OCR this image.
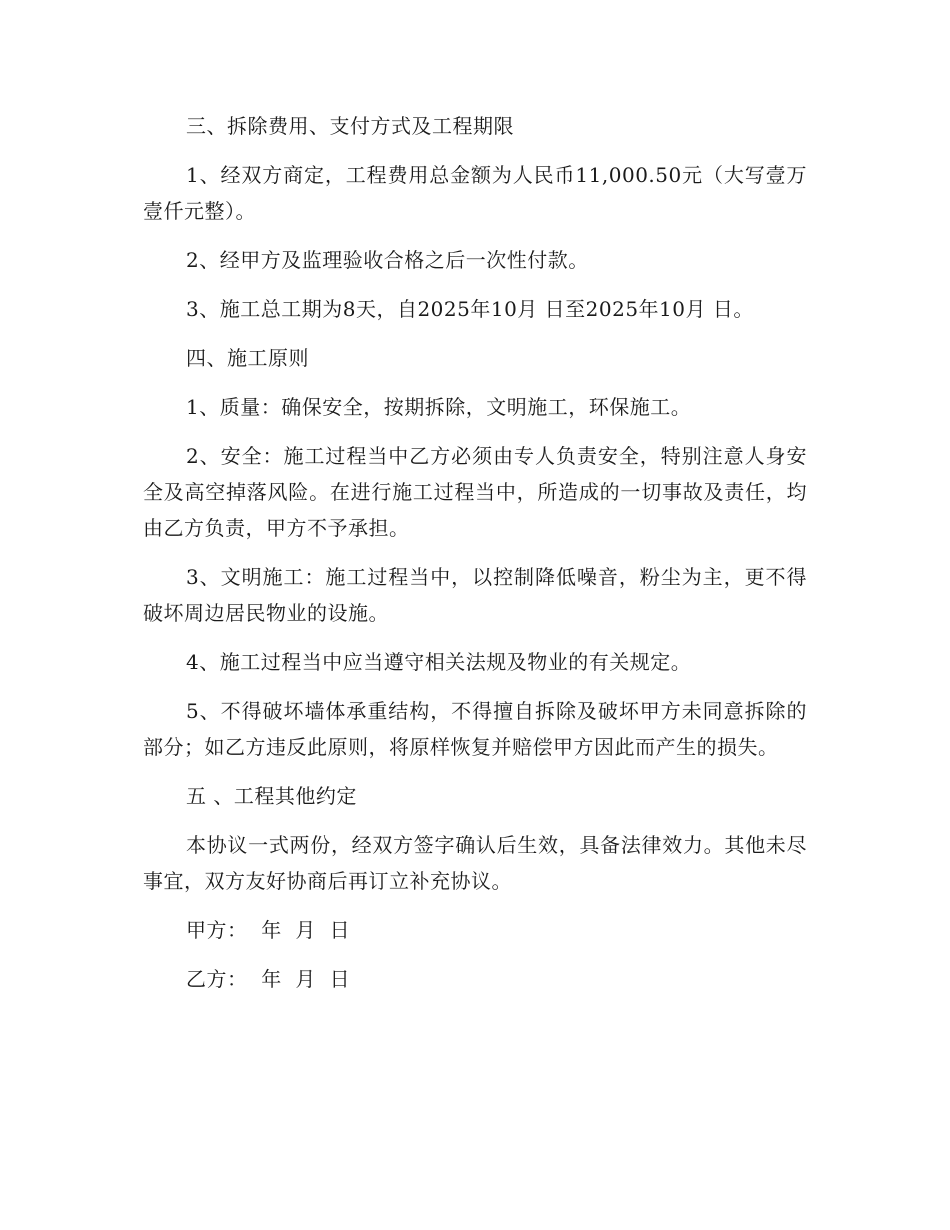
三、拆除费用、支付方式及工程期限

1、经双方商定，工程费用总金额为人民币11,000.50元（大写壹万壹仟元整）。

2、经甲方及监理验收合格之后一次性付款。

3、施工总工期为8天，自2025年10月 日至2025年10月 日。

四、施工原则

1、质量：确保安全，按期拆除，文明施工，环保施工。

2、安全：施工过程当中乙方必须由专人负责安全，特别注意人身安全及高空掉落风险。在进行施工过程当中，所造成的一切事故及责任，均由乙方负责，甲方不予承担。

3、文明施工：施工过程当中，以控制降低噪音，粉尘为主，更不得破坏周边居民物业的设施。

4、施工过程当中应当遵守相关法规及物业的有关规定。

5、不得破坏墙体承重结构，不得擅自拆除及破坏甲方未同意拆除的部分；如乙方违反此原则，将原样恢复并赔偿甲方因此而产生的损失。

五 、工程其他约定

本协议一式两份，经双方签字确认后生效，具备法律效力。其他未尽事宜，双方友好协商后再订立补充协议。

甲方：  年  月  日

乙方：  年  月  日
